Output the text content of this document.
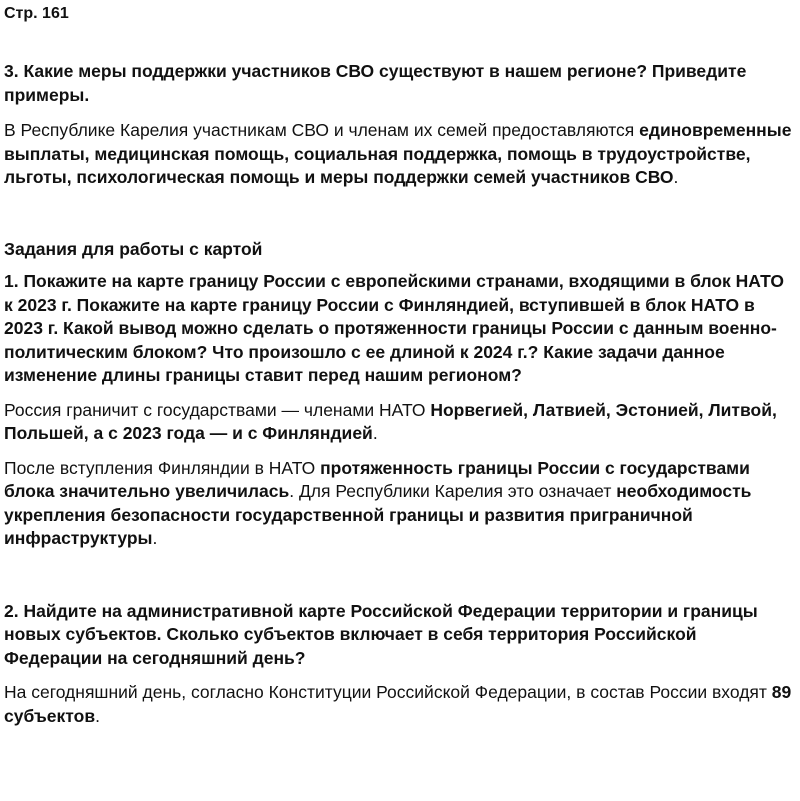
Стр. 161

3. Какие меры поддержки участников СВО существуют в нашем регионе? Приведите примеры.

В Республике Карелия участникам СВО и членам их семей предоставляются единовременные выплаты, медицинская помощь, социальная поддержка, помощь в трудоустройстве, льготы, психологическая помощь и меры поддержки семей участников СВО.

Задания для работы с картой

1. Покажите на карте границу России с европейскими странами, входящими в блок НАТО к 2023 г. Покажите на карте границу России с Финляндией, вступившей в блок НАТО в 2023 г. Какой вывод можно сделать о протяженности границы России с данным военно-политическим блоком? Что произошло с ее длиной к 2024 г.? Какие задачи данное изменение длины границы ставит перед нашим регионом?

Россия граничит с государствами — членами НАТО Норвегией, Латвией, Эстонией, Литвой, Польшей, а с 2023 года — и с Финляндией.

После вступления Финляндии в НАТО протяженность границы России с государствами блока значительно увеличилась. Для Республики Карелия это означает необходимость укрепления безопасности государственной границы и развития приграничной инфраструктуры.

2. Найдите на административной карте Российской Федерации территории и границы новых субъектов. Сколько субъектов включает в себя территория Российской Федерации на сегодняшний день?

На сегодняшний день, согласно Конституции Российской Федерации, в состав России входят 89 субъектов.
